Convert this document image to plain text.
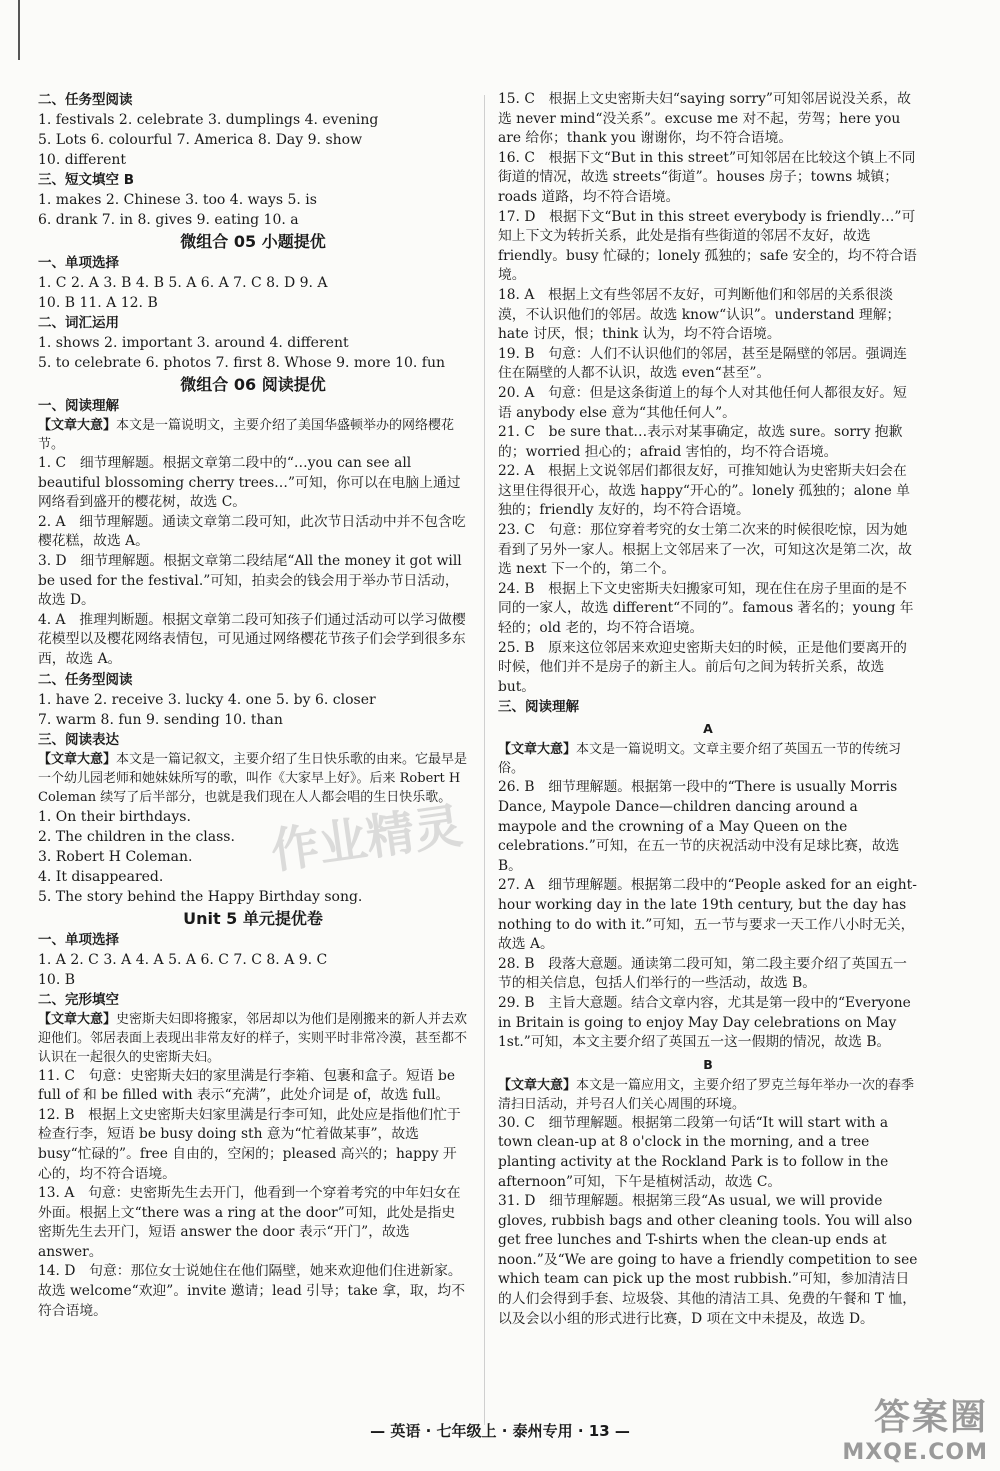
二、任务型阅读
1. festivals 2. celebrate 3. dumplings 4. evening
5. Lots 6. colourful 7. America 8. Day 9. show
10. different
三、短文填空 B
1. makes 2. Chinese 3. too 4. ways 5. is
6. drank 7. in 8. gives 9. eating 10. a
微组合 05 小题提优
一、单项选择
1. C 2. A 3. B 4. B 5. A 6. A 7. C 8. D 9. A
10. B 11. A 12. B
二、词汇运用
1. shows 2. important 3. around 4. different
5. to celebrate 6. photos 7. first 8. Whose 9. more 10. fun
微组合 06 阅读提优
一、阅读理解
【文章大意】本文是一篇说明文，主要介绍了美国华盛顿举办的网络樱花节。
1. C　细节理解题。根据文章第二段中的“…you can see all beautiful blossoming cherry trees…”可知，你可以在电脑上通过网络看到盛开的樱花树，故选 C。
2. A　细节理解题。通读文章第二段可知，此次节日活动中并不包含吃樱花糕，故选 A。
3. D　细节理解题。根据文章第二段结尾“All the money it got will be used for the festival.”可知，拍卖会的钱会用于举办节日活动，故选 D。
4. A　推理判断题。根据文章第二段可知孩子们通过活动可以学习做樱花模型以及樱花网络表情包，可见通过网络樱花节孩子们会学到很多东西，故选 A。
二、任务型阅读
1. have 2. receive 3. lucky 4. one 5. by 6. closer
7. warm 8. fun 9. sending 10. than
三、阅读表达
【文章大意】本文是一篇记叙文，主要介绍了生日快乐歌的由来。它最早是一个幼儿园老师和她妹妹所写的歌，叫作《大家早上好》。后来 Robert H Coleman 续写了后半部分，也就是我们现在人人都会唱的生日快乐歌。
1. On their birthdays.
2. The children in the class.
3. Robert H Coleman.
4. It disappeared.
5. The story behind the Happy Birthday song.
Unit 5 单元提优卷
一、单项选择
1. A 2. C 3. A 4. A 5. A 6. C 7. C 8. A 9. C
10. B
二、完形填空
【文章大意】史密斯夫妇即将搬家，邻居却以为他们是刚搬来的新人并去欢迎他们。邻居表面上表现出非常友好的样子，实则平时非常冷漠，甚至都不认识在一起很久的史密斯夫妇。
11. C　句意：史密斯夫妇的家里满是行李箱、包裹和盒子。短语 be full of 和 be filled with 表示“充满”，此处介词是 of，故选 full。
12. B　根据上文史密斯夫妇家里满是行李可知，此处应是指他们忙于检查行李，短语 be busy doing sth 意为“忙着做某事”，故选 busy“忙碌的”。free 自由的，空闲的；pleased 高兴的；happy 开心的，均不符合语境。
13. A　句意：史密斯先生去开门，他看到一个穿着考究的中年妇女在外面。根据上文“there was a ring at the door”可知，此处是指史密斯先生去开门，短语 answer the door 表示“开门”，故选 answer。
14. D　句意：那位女士说她住在他们隔壁，她来欢迎他们住进新家。故选 welcome“欢迎”。invite 邀请；lead 引导；take 拿，取，均不符合语境。
15. C　根据上文史密斯夫妇“saying sorry”可知邻居说没关系，故选 never mind“没关系”。excuse me 对不起，劳驾；here you are 给你；thank you 谢谢你，均不符合语境。
16. C　根据下文“But in this street”可知邻居在比较这个镇上不同街道的情况，故选 streets“街道”。houses 房子；towns 城镇；roads 道路，均不符合语境。
17. D　根据下文“But in this street everybody is friendly…”可知上下文为转折关系，此处是指有些街道的邻居不友好，故选 friendly。busy 忙碌的；lonely 孤独的；safe 安全的，均不符合语境。
18. A　根据上文有些邻居不友好，可判断他们和邻居的关系很淡漠，不认识他们的邻居。故选 know“认识”。understand 理解；hate 讨厌，恨；think 认为，均不符合语境。
19. B　句意：人们不认识他们的邻居，甚至是隔壁的邻居。强调连住在隔壁的人都不认识，故选 even“甚至”。
20. A　句意：但是这条街道上的每个人对其他任何人都很友好。短语 anybody else 意为“其他任何人”。
21. C　be sure that…表示对某事确定，故选 sure。sorry 抱歉的；worried 担心的；afraid 害怕的，均不符合语境。
22. A　根据上文说邻居们都很友好，可推知她认为史密斯夫妇会在这里住得很开心，故选 happy“开心的”。lonely 孤独的；alone 单独的；friendly 友好的，均不符合语境。
23. C　句意：那位穿着考究的女士第二次来的时候很吃惊，因为她看到了另外一家人。根据上文邻居来了一次，可知这次是第二次，故选 next 下一个的，第二个。
24. B　根据上下文史密斯夫妇搬家可知，现在住在房子里面的是不同的一家人，故选 different“不同的”。famous 著名的；young 年轻的；old 老的，均不符合语境。
25. B　原来这位邻居来欢迎史密斯夫妇的时候，正是他们要离开的时候，他们并不是房子的新主人。前后句之间为转折关系，故选 but。
三、阅读理解
A
【文章大意】本文是一篇说明文。文章主要介绍了英国五一节的传统习俗。
26. B　细节理解题。根据第一段中的“There is usually Morris Dance, Maypole Dance—children dancing around a maypole and the crowning of a May Queen on the celebrations.”可知，在五一节的庆祝活动中没有足球比赛，故选 B。
27. A　细节理解题。根据第二段中的“People asked for an eight-hour working day in the late 19th century, but the day has nothing to do with it.”可知，五一节与要求一天工作八小时无关，故选 A。
28. B　段落大意题。通读第二段可知，第二段主要介绍了英国五一节的相关信息，包括人们举行的一些活动，故选 B。
29. B　主旨大意题。结合文章内容，尤其是第一段中的“Everyone in Britain is going to enjoy May Day celebrations on May 1st.”可知，本文主要介绍了英国五一这一假期的情况，故选 B。
B
【文章大意】本文是一篇应用文，主要介绍了罗克兰每年举办一次的春季清扫日活动，并号召人们关心周围的环境。
30. C　细节理解题。根据第二段第一句话“It will start with a town clean-up at 8 o'clock in the morning, and a tree planting activity at the Rockland Park is to follow in the afternoon”可知，下午是植树活动，故选 C。
31. D　细节理解题。根据第三段“As usual, we will provide gloves, rubbish bags and other cleaning tools. You will also get free lunches and T-shirts when the clean-up ends at noon.”及“We are going to have a friendly competition to see which team can pick up the most rubbish.”可知，参加清洁日的人们会得到手套、垃圾袋、其他的清洁工具、免费的午餐和 T 恤，以及会以小组的形式进行比赛，D 项在文中未提及，故选 D。
作业精灵
— 英语 · 七年级上 · 泰州专用 · 13 —	答案圈
MXQE.COM
